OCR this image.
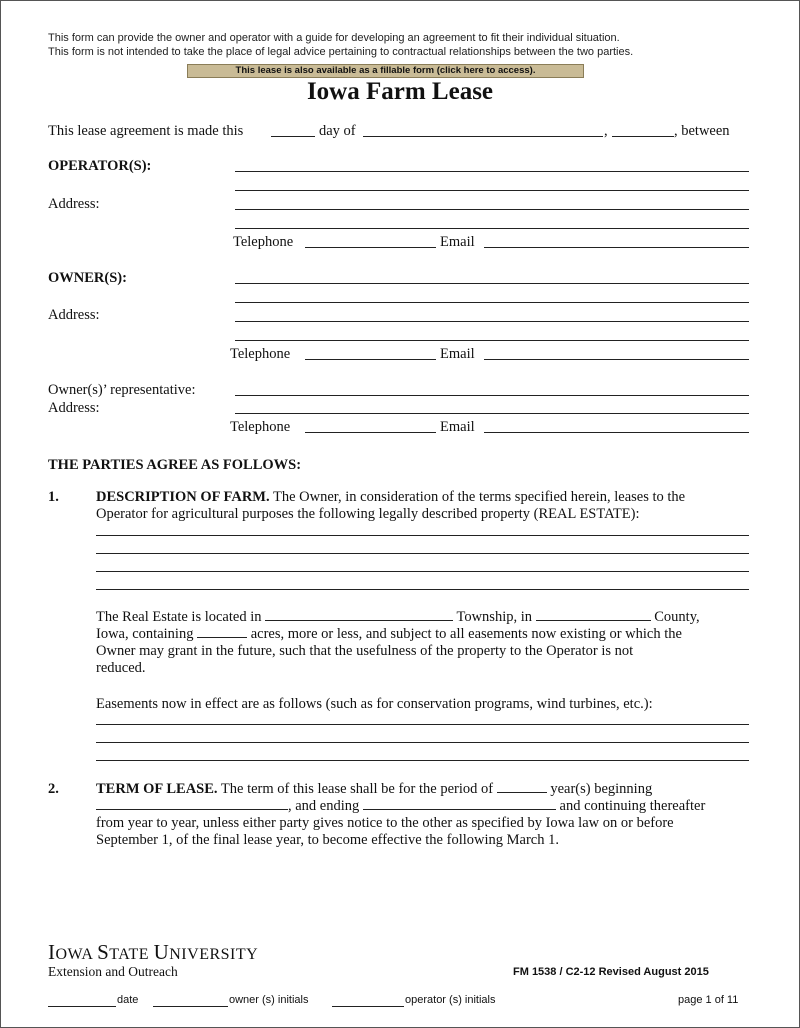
This form can provide the owner and operator with a guide for developing an agreement to fit their individual situation.
This form is not intended to take the place of legal advice pertaining to contractual relationships between the two parties.
This lease is also available as a fillable form (click here to access).
Iowa Farm Lease
This lease agreement is made this	day of	,	, between
OPERATOR(S):
Address:
Telephone	Email
OWNER(S):
Address:
Telephone	Email
Owner(s)’ representative:
Address:
Telephone	Email
THE PARTIES AGREE AS FOLLOWS:
1.	DESCRIPTION OF FARM. The Owner, in consideration of the terms specified herein, leases to the
Operator for agricultural purposes the following legally described property (REAL ESTATE):
The Real Estate is located in	Township, in	County,
Iowa, containing	acres, more or less, and subject to all easements now existing or which the
Owner may grant in the future, such that the usefulness of the property to the Operator is not
reduced.
Easements now in effect are as follows (such as for conservation programs, wind turbines, etc.):
2.	TERM OF LEASE. The term of this lease shall be for the period of	year(s) beginning
, and ending	and continuing thereafter
from year to year, unless either party gives notice to the other as specified by Iowa law on or before
September 1, of the final lease year, to become effective the following March 1.
IOWA STATE UNIVERSITY
Extension and Outreach	FM 1538 / C2-12 Revised August 2015
date	owner (s) initials	operator (s) initials	page 1 of 11
